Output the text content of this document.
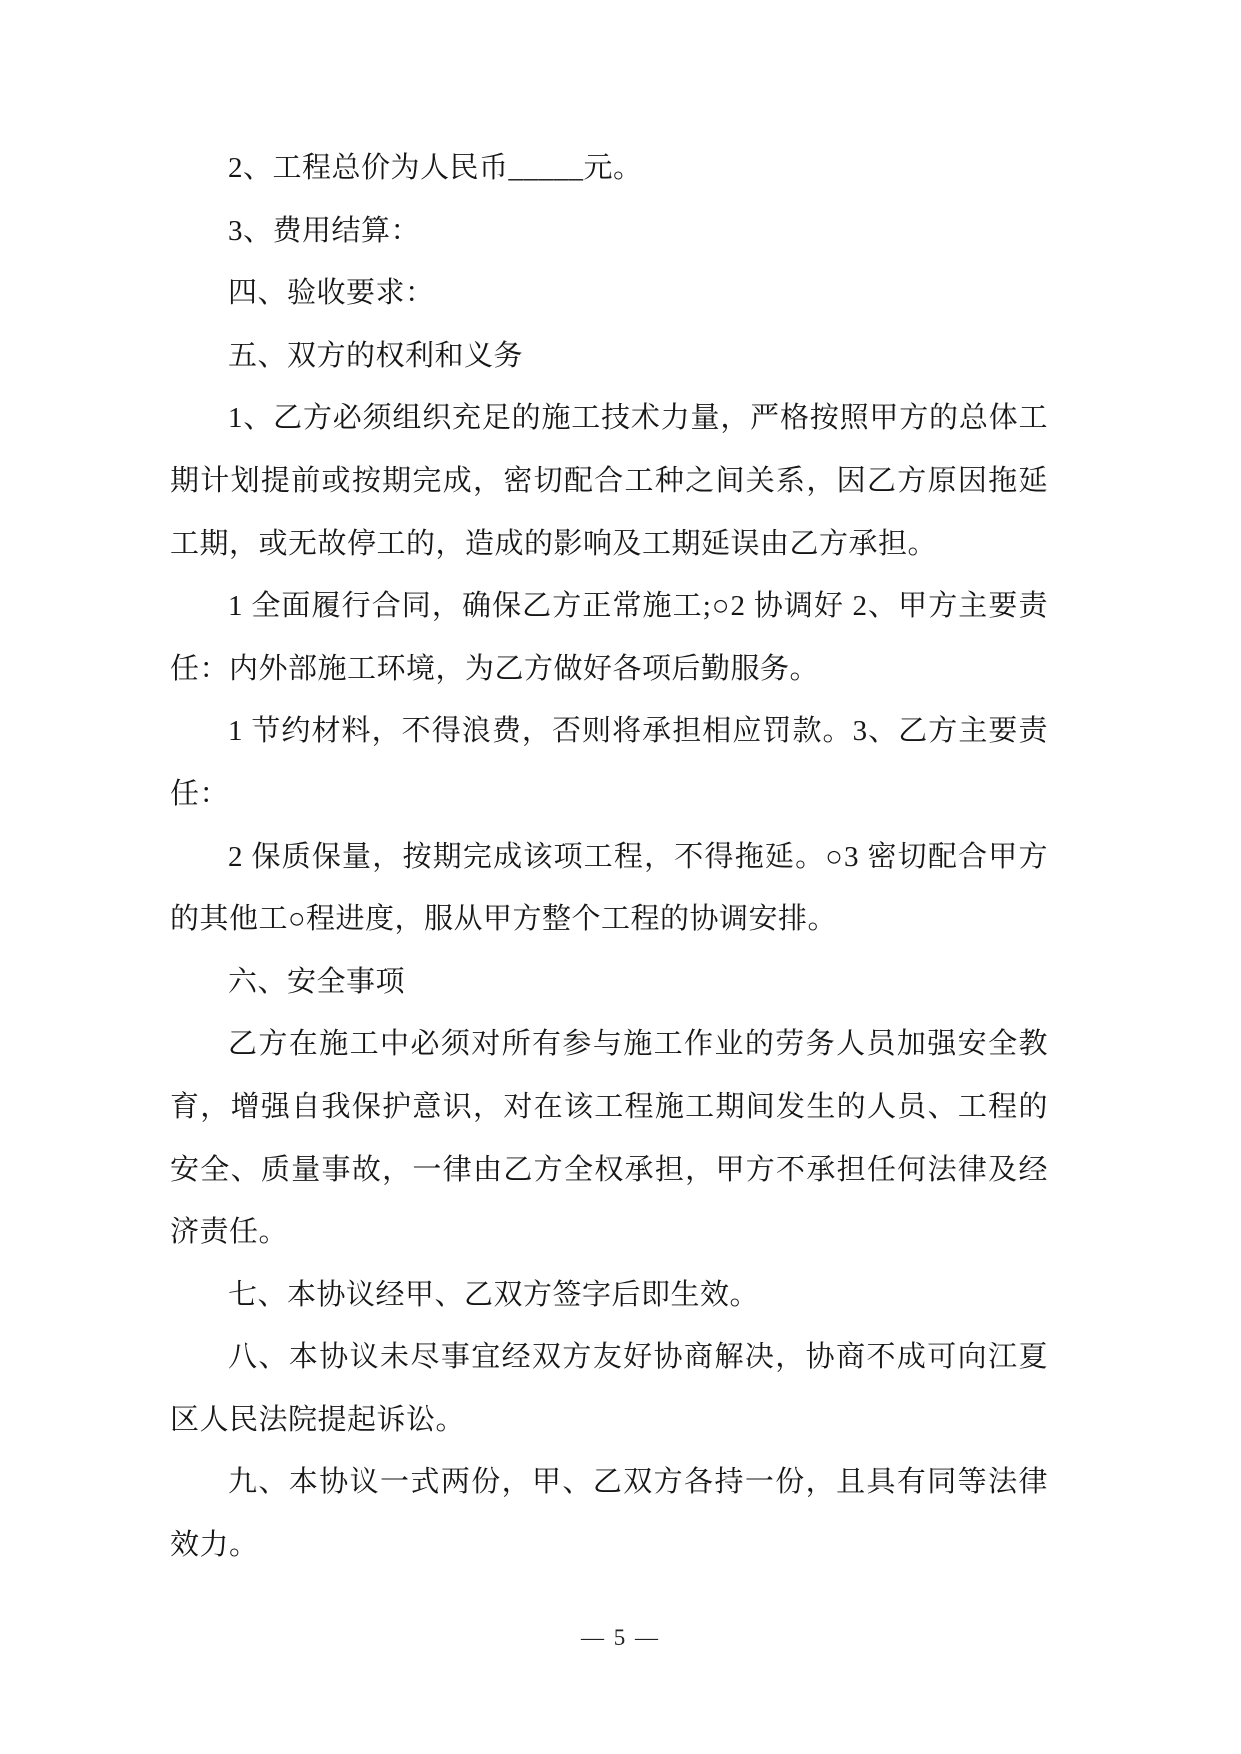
2、工程总价为人民币_____元。

3、费用结算：

四、验收要求：

五、双方的权利和义务

1、乙方必须组织充足的施工技术力量，严格按照甲方的总体工期计划提前或按期完成，密切配合工种之间关系，因乙方原因拖延工期，或无故停工的，造成的影响及工期延误由乙方承担。

1 全面履行合同，确保乙方正常施工;○2 协调好 2、甲方主要责任：内外部施工环境，为乙方做好各项后勤服务。

1 节约材料，不得浪费，否则将承担相应罚款。3、乙方主要责任：

2 保质保量，按期完成该项工程，不得拖延。○3 密切配合甲方的其他工○程进度，服从甲方整个工程的协调安排。

六、安全事项

乙方在施工中必须对所有参与施工作业的劳务人员加强安全教育，增强自我保护意识，对在该工程施工期间发生的人员、工程的安全、质量事故，一律由乙方全权承担，甲方不承担任何法律及经济责任。

七、本协议经甲、乙双方签字后即生效。

八、本协议未尽事宜经双方友好协商解决，协商不成可向江夏区人民法院提起诉讼。

九、本协议一式两份，甲、乙双方各持一份，且具有同等法律效力。

— 5 —
